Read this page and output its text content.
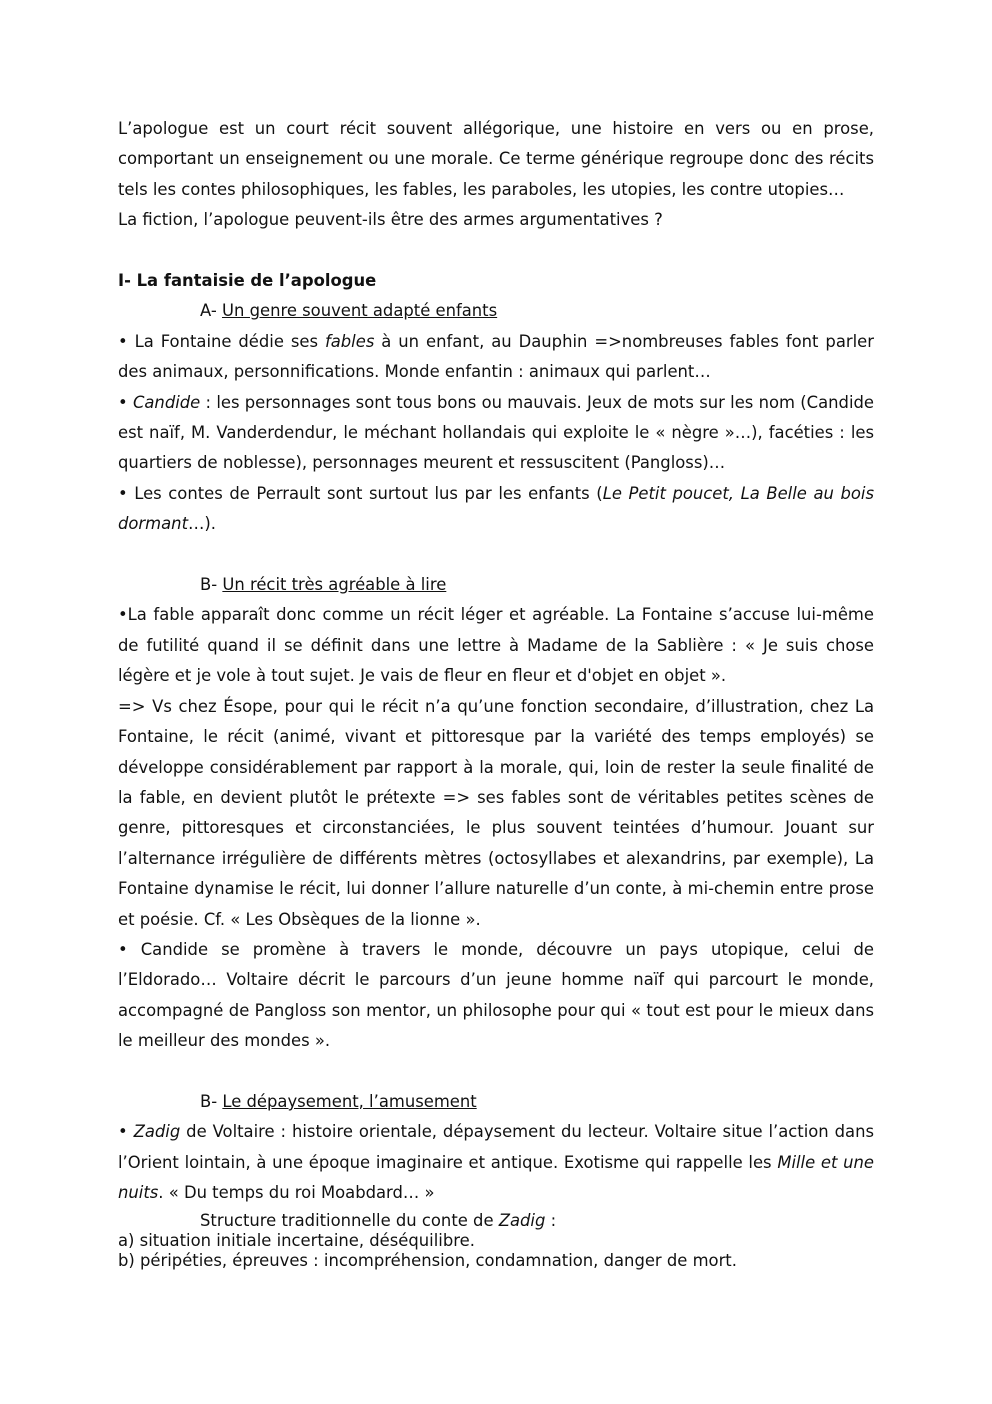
L’apologue est un court récit souvent allégorique, une histoire en vers ou en prose, comportant un enseignement ou une morale. Ce terme générique regroupe donc des récits tels les contes philosophiques, les fables, les paraboles, les utopies, les contre utopies…

La fiction, l’apologue peuvent-ils être des armes argumentatives ?

I- La fantaisie de l’apologue

A- Un genre souvent adapté enfants

• La Fontaine dédie ses fables à un enfant, au Dauphin =>nombreuses fables font parler des animaux, personnifications. Monde enfantin : animaux qui parlent…

• Candide : les personnages sont tous bons ou mauvais. Jeux de mots sur les nom (Candide est naïf, M. Vanderdendur, le méchant hollandais qui exploite le « nègre »…), facéties : les quartiers de noblesse), personnages meurent et ressuscitent (Pangloss)…

• Les contes de Perrault sont surtout lus par les enfants (Le Petit poucet, La Belle au bois dormant…).

B- Un récit très agréable à lire

•La fable apparaît donc comme un récit léger et agréable. La Fontaine s’accuse lui-même de futilité quand il se définit dans une lettre à Madame de la Sablière : « Je suis chose légère et je vole à tout sujet. Je vais de fleur en fleur et d'objet en objet ».

=> Vs chez Ésope, pour qui le récit n’a qu’une fonction secondaire, d’illustration, chez La Fontaine, le récit (animé, vivant et pittoresque par la variété des temps employés) se développe considérablement par rapport à la morale, qui, loin de rester la seule finalité de la fable, en devient plutôt le prétexte => ses fables sont de véritables petites scènes de genre, pittoresques et circonstanciées, le plus souvent teintées d’humour. Jouant sur l’alternance irrégulière de différents mètres (octosyllabes et alexandrins, par exemple), La Fontaine dynamise le récit, lui donner l’allure naturelle d’un conte, à mi-chemin entre prose et poésie. Cf. « Les Obsèques de la lionne ».

• Candide se promène à travers le monde, découvre un pays utopique, celui de l’Eldorado… Voltaire décrit le parcours d’un jeune homme naïf qui parcourt le monde, accompagné de Pangloss son mentor, un philosophe pour qui « tout est pour le mieux dans le meilleur des mondes ».

B- Le dépaysement, l’amusement

• Zadig de Voltaire : histoire orientale, dépaysement du lecteur. Voltaire situe l’action dans l’Orient lointain, à une époque imaginaire et antique. Exotisme qui rappelle les Mille et une nuits. « Du temps du roi Moabdard… »

Structure traditionnelle du conte de Zadig :

a) situation initiale incertaine, déséquilibre.

b) péripéties, épreuves : incompréhension, condamnation, danger de mort.
